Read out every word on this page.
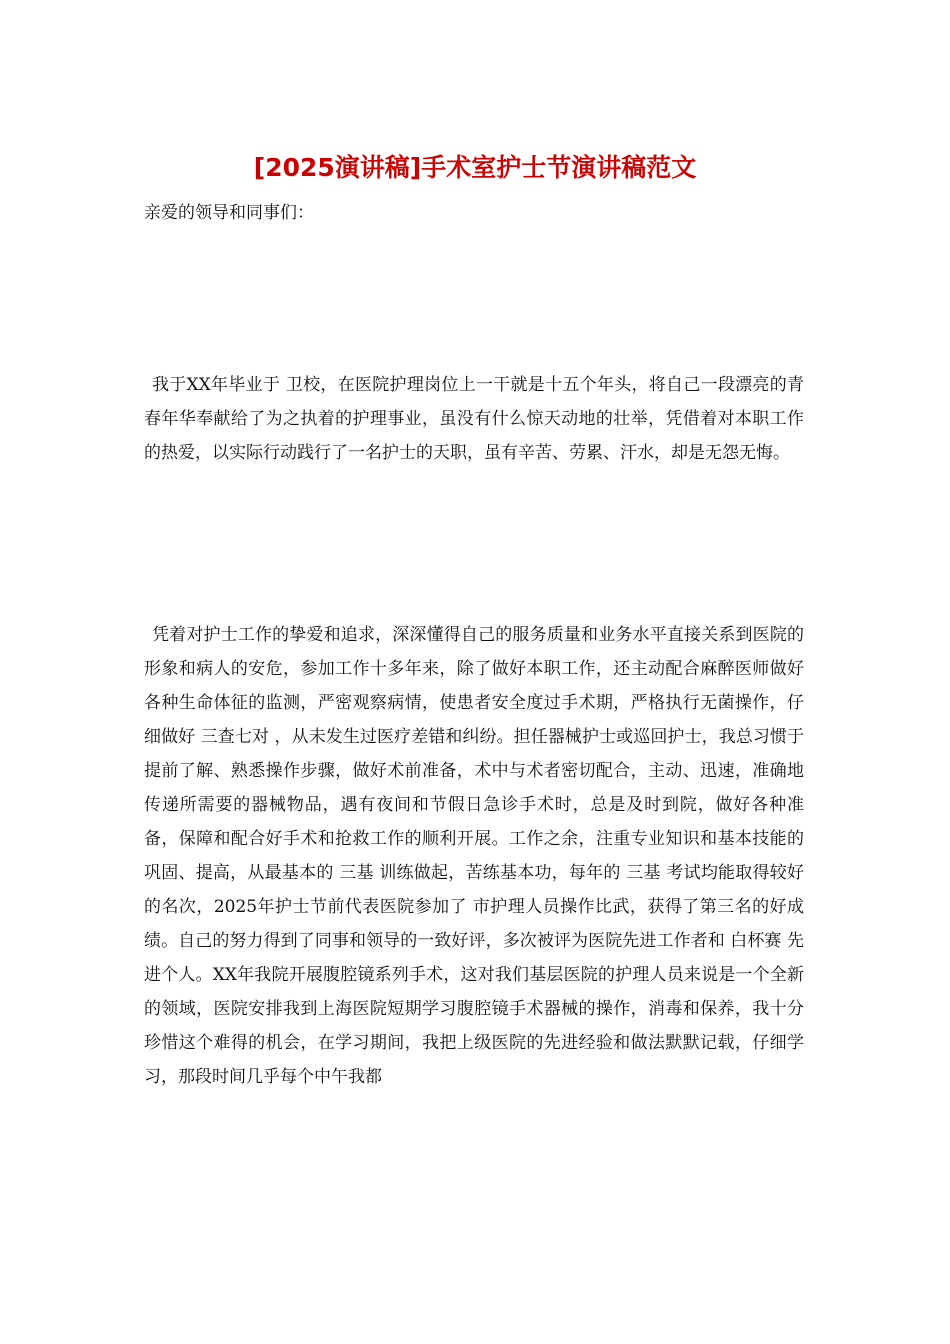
[2025演讲稿]手术室护士节演讲稿范文

亲爱的领导和同事们：

我于XX年毕业于 卫校，在医院护理岗位上一干就是十五个年头，将自己一段漂亮的青春年华奉献给了为之执着的护理事业，虽没有什么惊天动地的壮举，凭借着对本职工作的热爱，以实际行动践行了一名护士的天职，虽有辛苦、劳累、汗水，却是无怨无悔。

凭着对护士工作的挚爱和追求，深深懂得自己的服务质量和业务水平直接关系到医院的形象和病人的安危，参加工作十多年来，除了做好本职工作，还主动配合麻醉医师做好各种生命体征的监测，严密观察病情，使患者安全度过手术期，严格执行无菌操作，仔细做好 三查七对 ，从未发生过医疗差错和纠纷。担任器械护士或巡回护士，我总习惯于提前了解、熟悉操作步骤，做好术前准备，术中与术者密切配合，主动、迅速，准确地传递所需要的器械物品，遇有夜间和节假日急诊手术时，总是及时到院，做好各种准备，保障和配合好手术和抢救工作的顺利开展。工作之余，注重专业知识和基本技能的巩固、提高，从最基本的 三基 训练做起，苦练基本功，每年的 三基 考试均能取得较好的名次，2025年护士节前代表医院参加了 市护理人员操作比武，获得了第三名的好成绩。自己的努力得到了同事和领导的一致好评，多次被评为医院先进工作者和 白杯赛 先进个人。XX年我院开展腹腔镜系列手术，这对我们基层医院的护理人员来说是一个全新的领域，医院安排我到上海医院短期学习腹腔镜手术器械的操作，消毒和保养，我十分珍惜这个难得的机会，在学习期间，我把上级医院的先进经验和做法默默记载，仔细学习，那段时间几乎每个中午我都
